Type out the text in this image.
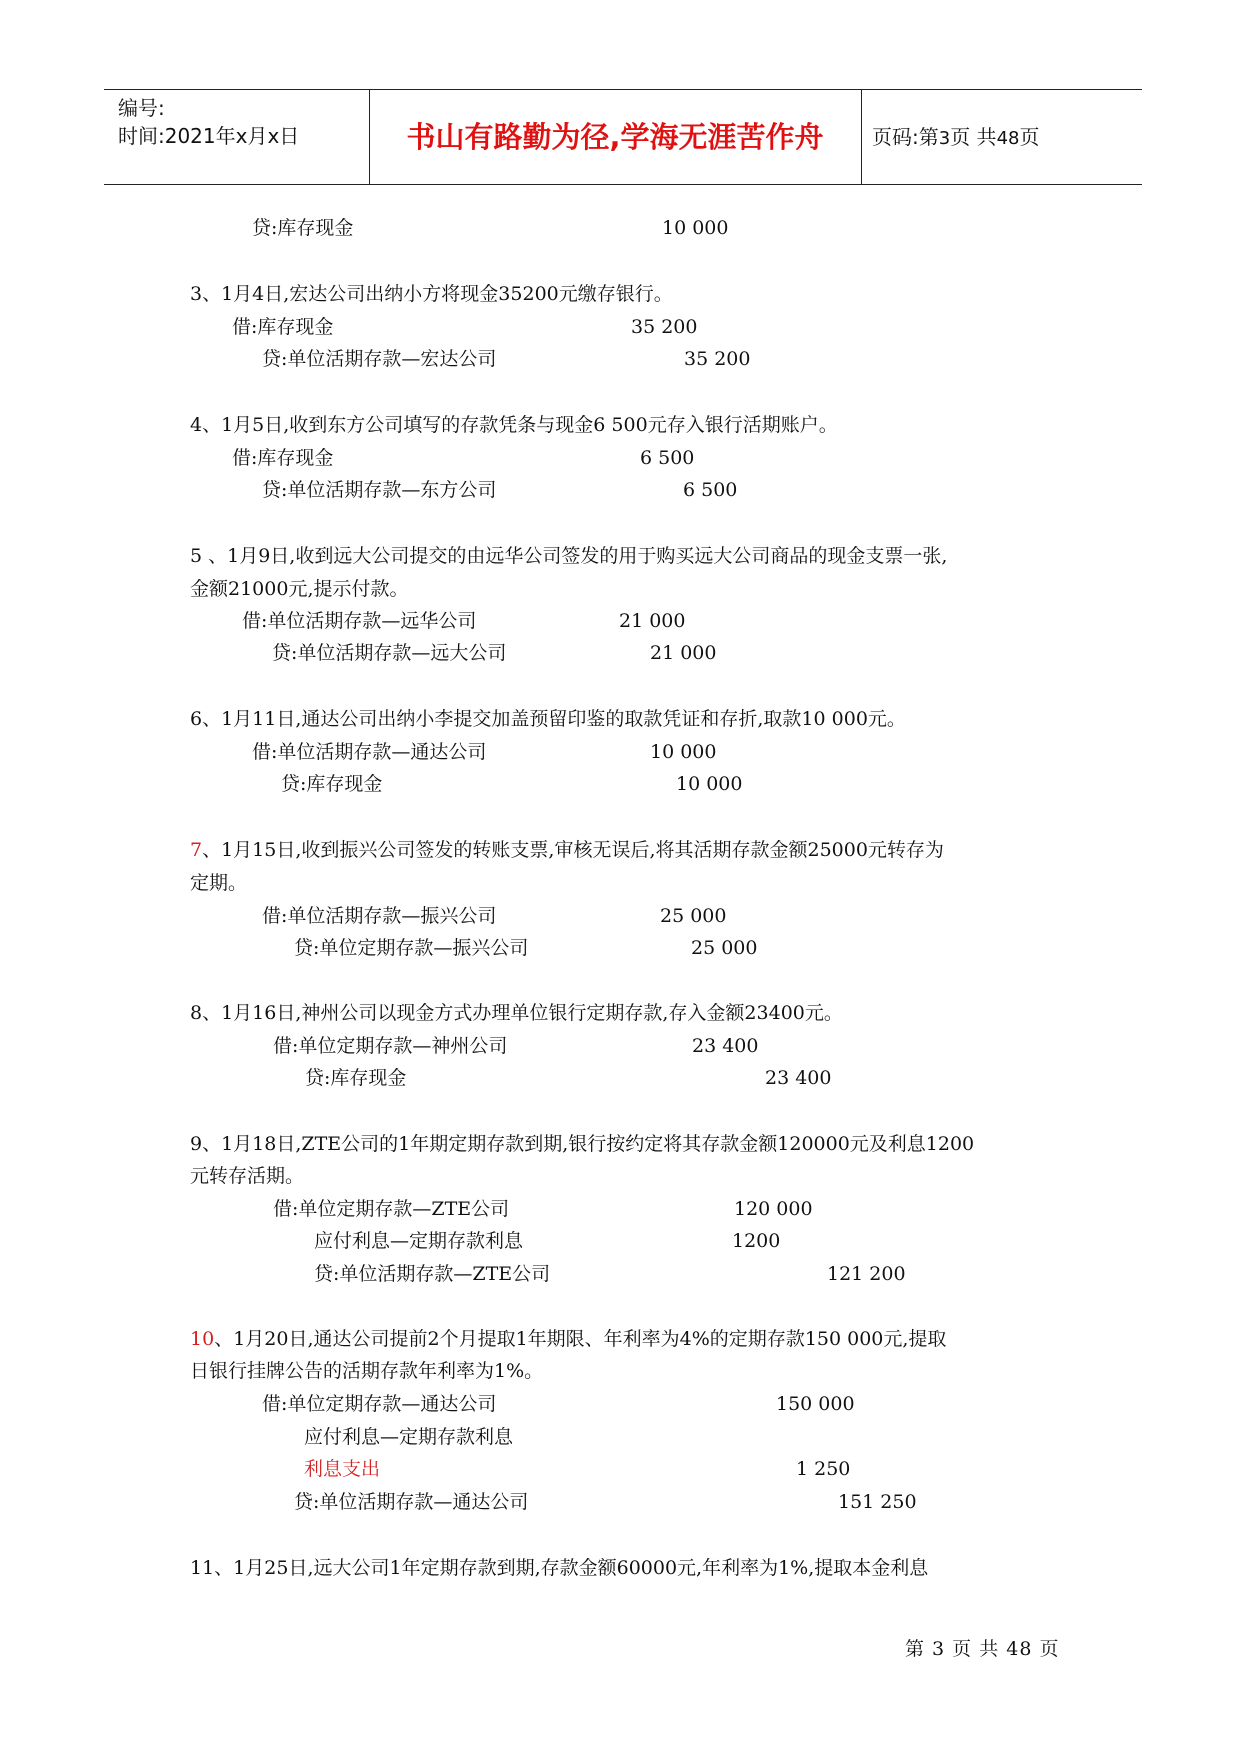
编号:
时间:2021年x月x日	书山有路勤为径,学海无涯苦作舟	页码:第3页 共48页
贷:库存现金	10 000
3、1月4日,宏达公司出纳小方将现金35200元缴存银行。
借:库存现金	35 200
贷:单位活期存款—宏达公司	35 200
4、1月5日,收到东方公司填写的存款凭条与现金6 500元存入银行活期账户。
借:库存现金	6 500
贷:单位活期存款—东方公司	6 500
5 、1月9日,收到远大公司提交的由远华公司签发的用于购买远大公司商品的现金支票一张,
金额21000元,提示付款。
借:单位活期存款—远华公司	21 000
贷:单位活期存款—远大公司	21 000
6、1月11日,通达公司出纳小李提交加盖预留印鉴的取款凭证和存折,取款10 000元。
借:单位活期存款—通达公司	10 000
贷:库存现金	10 000
7、1月15日,收到振兴公司签发的转账支票,审核无误后,将其活期存款金额25000元转存为
定期。
借:单位活期存款—振兴公司	25 000
贷:单位定期存款—振兴公司	25 000
8、1月16日,神州公司以现金方式办理单位银行定期存款,存入金额23400元。
借:单位定期存款—神州公司	23 400
贷:库存现金	23 400
9、1月18日,ZTE公司的1年期定期存款到期,银行按约定将其存款金额120000元及利息1200
元转存活期。
借:单位定期存款—ZTE公司	120 000
应付利息—定期存款利息	1200
贷:单位活期存款—ZTE公司	121 200
10、1月20日,通达公司提前2个月提取1年期限、年利率为4%的定期存款150 000元,提取
日银行挂牌公告的活期存款年利率为1%。
借:单位定期存款—通达公司	150 000
应付利息—定期存款利息
利息支出	1 250
贷:单位活期存款—通达公司	151 250
11、1月25日,远大公司1年定期存款到期,存款金额60000元,年利率为1%,提取本金利息
第 3 页 共 48 页
